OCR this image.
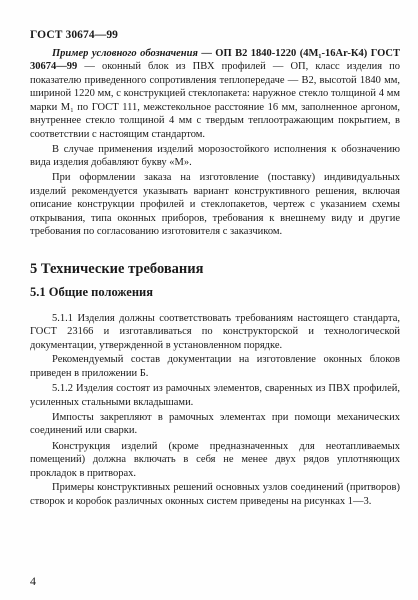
ГОСТ 30674—99

Пример условного обозначения — ОП В2 1840-1220 (4М₁-16Ar-К4) ГОСТ 30674—99 — оконный блок из ПВХ профилей — ОП, класс изделия по показателю приведенного сопротивления теплопередаче — В2, высотой 1840 мм, шириной 1220 мм, с конструкцией стеклопакета: наружное стекло толщиной 4 мм марки М₁ по ГОСТ 111, межстекольное расстояние 16 мм, заполненное аргоном, внутреннее стекло толщиной 4 мм с твердым теплоотражающим покрытием, в соответствии с настоящим стандартом.

В случае применения изделий морозостойкого исполнения к обозначению вида изделия добавляют букву «М».

При оформлении заказа на изготовление (поставку) индивидуальных изделий рекомендуется указывать вариант конструктивного решения, включая описание конструкции профилей и стеклопакетов, чертеж с указанием схемы открывания, типа оконных приборов, требования к внешнему виду и другие требования по согласованию изготовителя с заказчиком.

5 Технические требования
5.1 Общие положения

5.1.1 Изделия должны соответствовать требованиям настоящего стандарта, ГОСТ 23166 и изготавливаться по конструкторской и технологической документации, утвержденной в установленном порядке.

Рекомендуемый состав документации на изготовление оконных блоков приведен в приложении Б.

5.1.2 Изделия состоят из рамочных элементов, сваренных из ПВХ профилей, усиленных стальными вкладышами.

Импосты закрепляют в рамочных элементах при помощи механических соединений или сварки.

Конструкция изделий (кроме предназначенных для неотапливаемых помещений) должна включать в себя не менее двух рядов уплотняющих прокладок в притворах.

Примеры конструктивных решений основных узлов соединений (притворов) створок и коробок различных оконных систем приведены на рисунках 1—3.

4
